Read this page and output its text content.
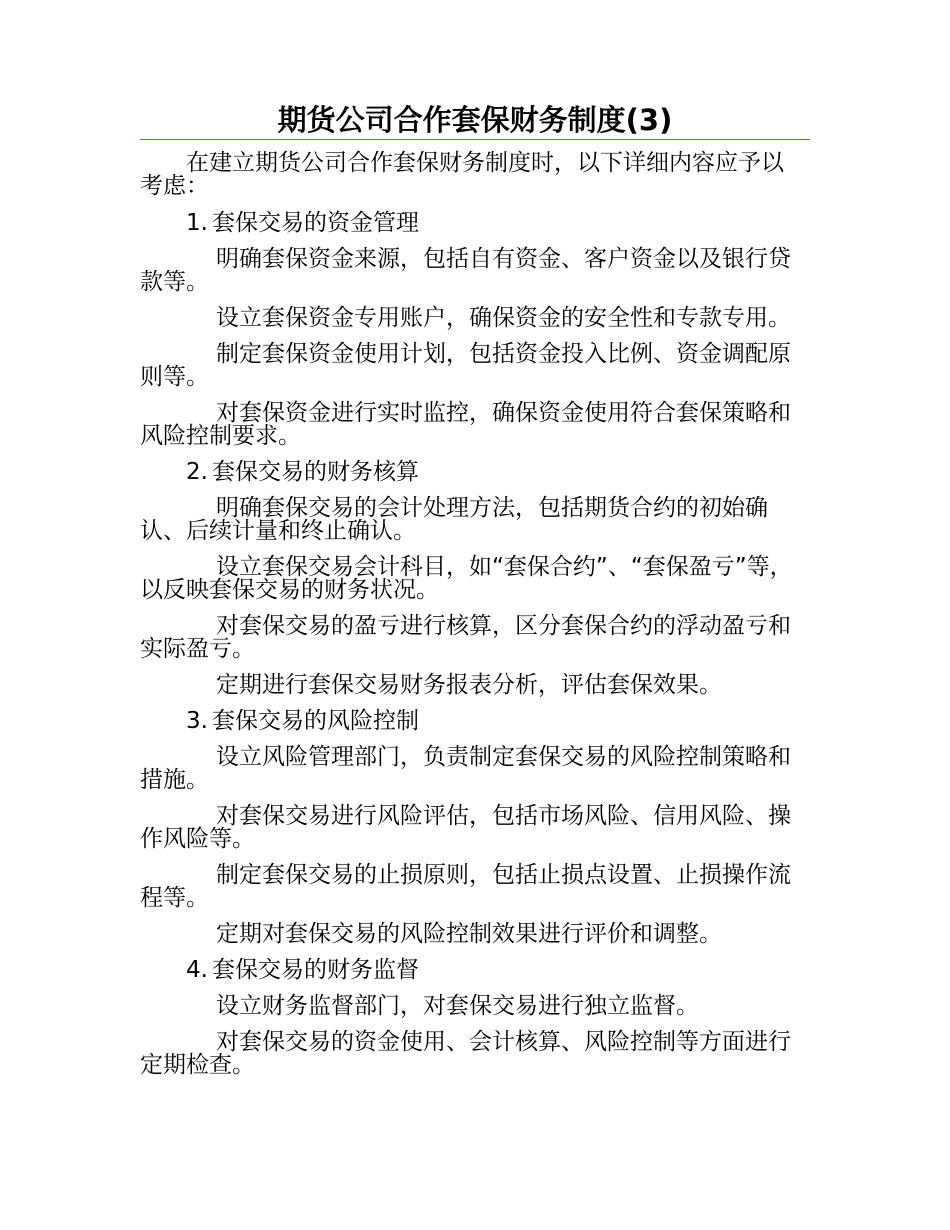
期货公司合作套保财务制度(3)

在建立期货公司合作套保财务制度时，以下详细内容应予以考虑：

1. 套保交易的资金管理

明确套保资金来源，包括自有资金、客户资金以及银行贷款等。

设立套保资金专用账户，确保资金的安全性和专款专用。

制定套保资金使用计划，包括资金投入比例、资金调配原则等。

对套保资金进行实时监控，确保资金使用符合套保策略和风险控制要求。

2. 套保交易的财务核算

明确套保交易的会计处理方法，包括期货合约的初始确认、后续计量和终止确认。

设立套保交易会计科目，如“套保合约”、“套保盈亏”等，以反映套保交易的财务状况。

对套保交易的盈亏进行核算，区分套保合约的浮动盈亏和实际盈亏。

定期进行套保交易财务报表分析，评估套保效果。

3. 套保交易的风险控制

设立风险管理部门，负责制定套保交易的风险控制策略和措施。

对套保交易进行风险评估，包括市场风险、信用风险、操作风险等。

制定套保交易的止损原则，包括止损点设置、止损操作流程等。

定期对套保交易的风险控制效果进行评价和调整。

4. 套保交易的财务监督

设立财务监督部门，对套保交易进行独立监督。

对套保交易的资金使用、会计核算、风险控制等方面进行定期检查。
